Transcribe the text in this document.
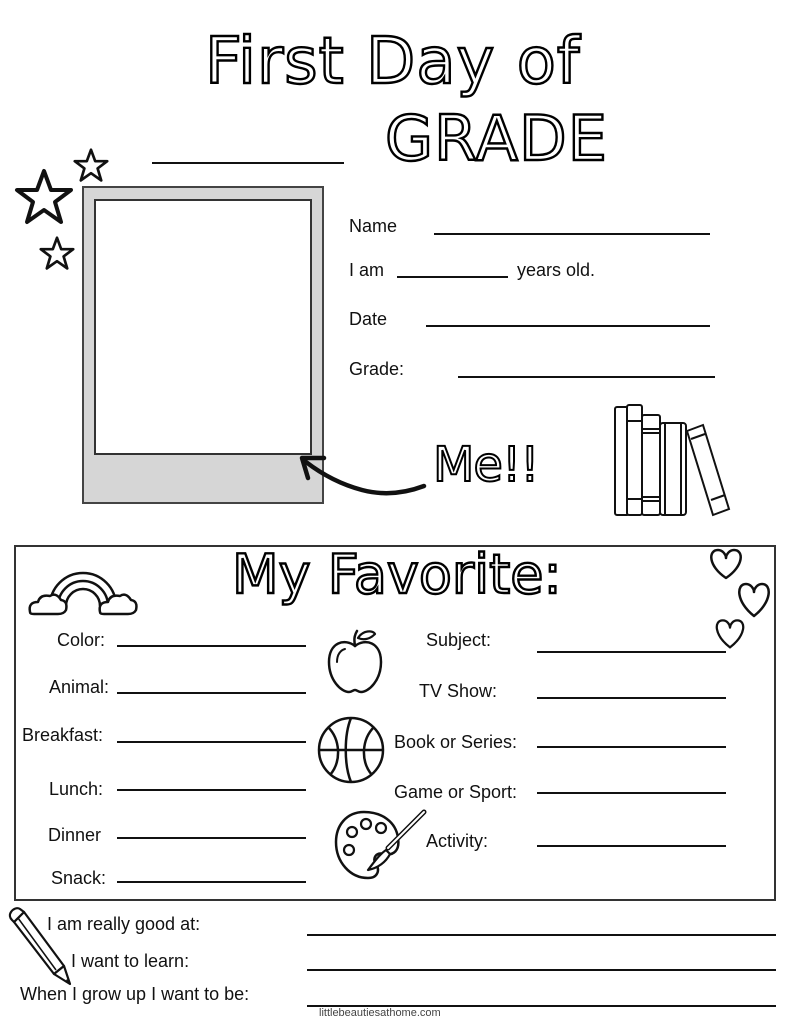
First Day of
GRADE
Name
I am	years old.
Date
Grade:
Me!!
My Favorite:
Color:
Animal:
Breakfast:
Lunch:
Dinner
Snack:
Subject:
TV Show:
Book or Series:
Game or Sport:
Activity:
I am really good at:
I want to learn:
When I grow up I want to be:
littlebeautiesathome.com
